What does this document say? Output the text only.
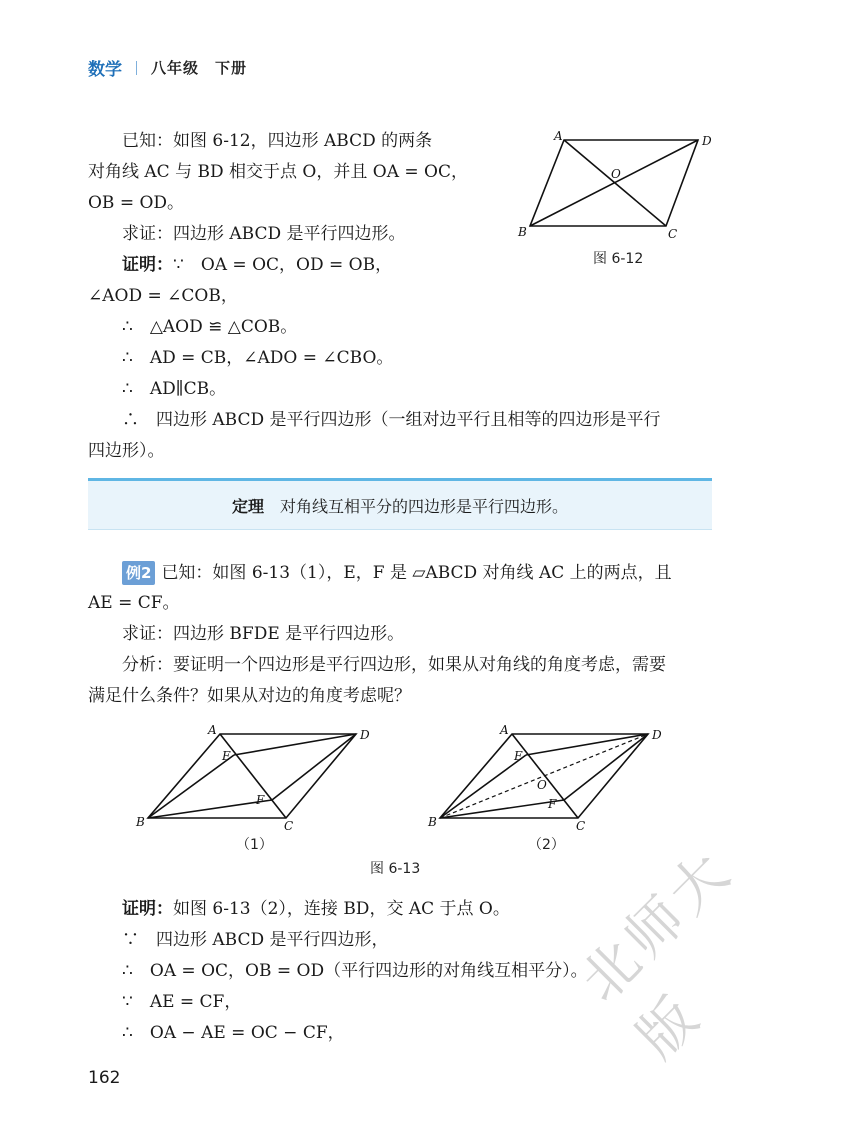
数学 八年级　下册
已知：如图 6-12，四边形 ABCD 的两条
对角线 AC 与 BD 相交于点 O，并且 OA = OC，
OB = OD。
求证：四边形 ABCD 是平行四边形。
证明：∵　OA = OC，OD = OB，
∠AOD = ∠COB，
∴　△AOD ≌ △COB。
∴　AD = CB，∠ADO = ∠CBO。
∴　AD∥CB。
∴　四边形 ABCD 是平行四边形（一组对边平行且相等的四边形是平行
四边形）。
A	D
O
B	C
图 6-12
定理 对角线互相平分的四边形是平行四边形。
例2 已知：如图 6-13（1），E，F 是 ▱ABCD 对角线 AC 上的两点，且
AE = CF。
求证：四边形 BFDE 是平行四边形。
分析：要证明一个四边形是平行四边形，如果从对角线的角度考虑，需要
满足什么条件？如果从对边的角度考虑呢？
A	D
E
F
B	C
（1）
A	D
E
O
F
B	C
（2）
图 6-13
证明：如图 6-13（2），连接 BD，交 AC 于点 O。
∵　四边形 ABCD 是平行四边形，
∴　OA = OC，OB = OD（平行四边形的对角线互相平分）。
∵　AE = CF，
∴　OA − AE = OC − CF，
162
北师大版
